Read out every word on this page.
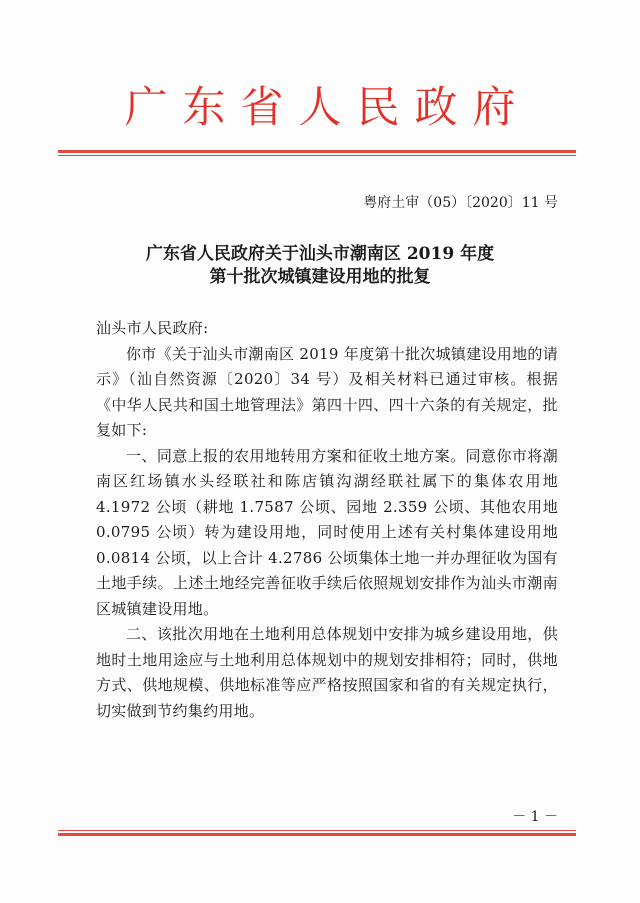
广东省人民政府
粤府土审（05）〔2020〕11 号
广东省人民政府关于汕头市潮南区 2019 年度
第十批次城镇建设用地的批复

汕头市人民政府:

你市《关于汕头市潮南区 2019 年度第十批次城镇建设用地的请示》（汕自然资源〔2020〕34 号）及相关材料已通过审核。根据《中华人民共和国土地管理法》第四十四、四十六条的有关规定，批复如下:

一、同意上报的农用地转用方案和征收土地方案。同意你市将潮南区红场镇水头经联社和陈店镇沟湖经联社属下的集体农用地 4.1972 公顷（耕地 1.7587 公顷、园地 2.359 公顷、其他农用地 0.0795 公顷）转为建设用地，同时使用上述有关村集体建设用地 0.0814 公顷，以上合计 4.2786 公顷集体土地一并办理征收为国有土地手续。上述土地经完善征收手续后依照规划安排作为汕头市潮南区城镇建设用地。

二、该批次用地在土地利用总体规划中安排为城乡建设用地，供地时土地用途应与土地利用总体规划中的规划安排相符；同时，供地方式、供地规模、供地标准等应严格按照国家和省的有关规定执行，切实做到节约集约用地。

－ 1 －
